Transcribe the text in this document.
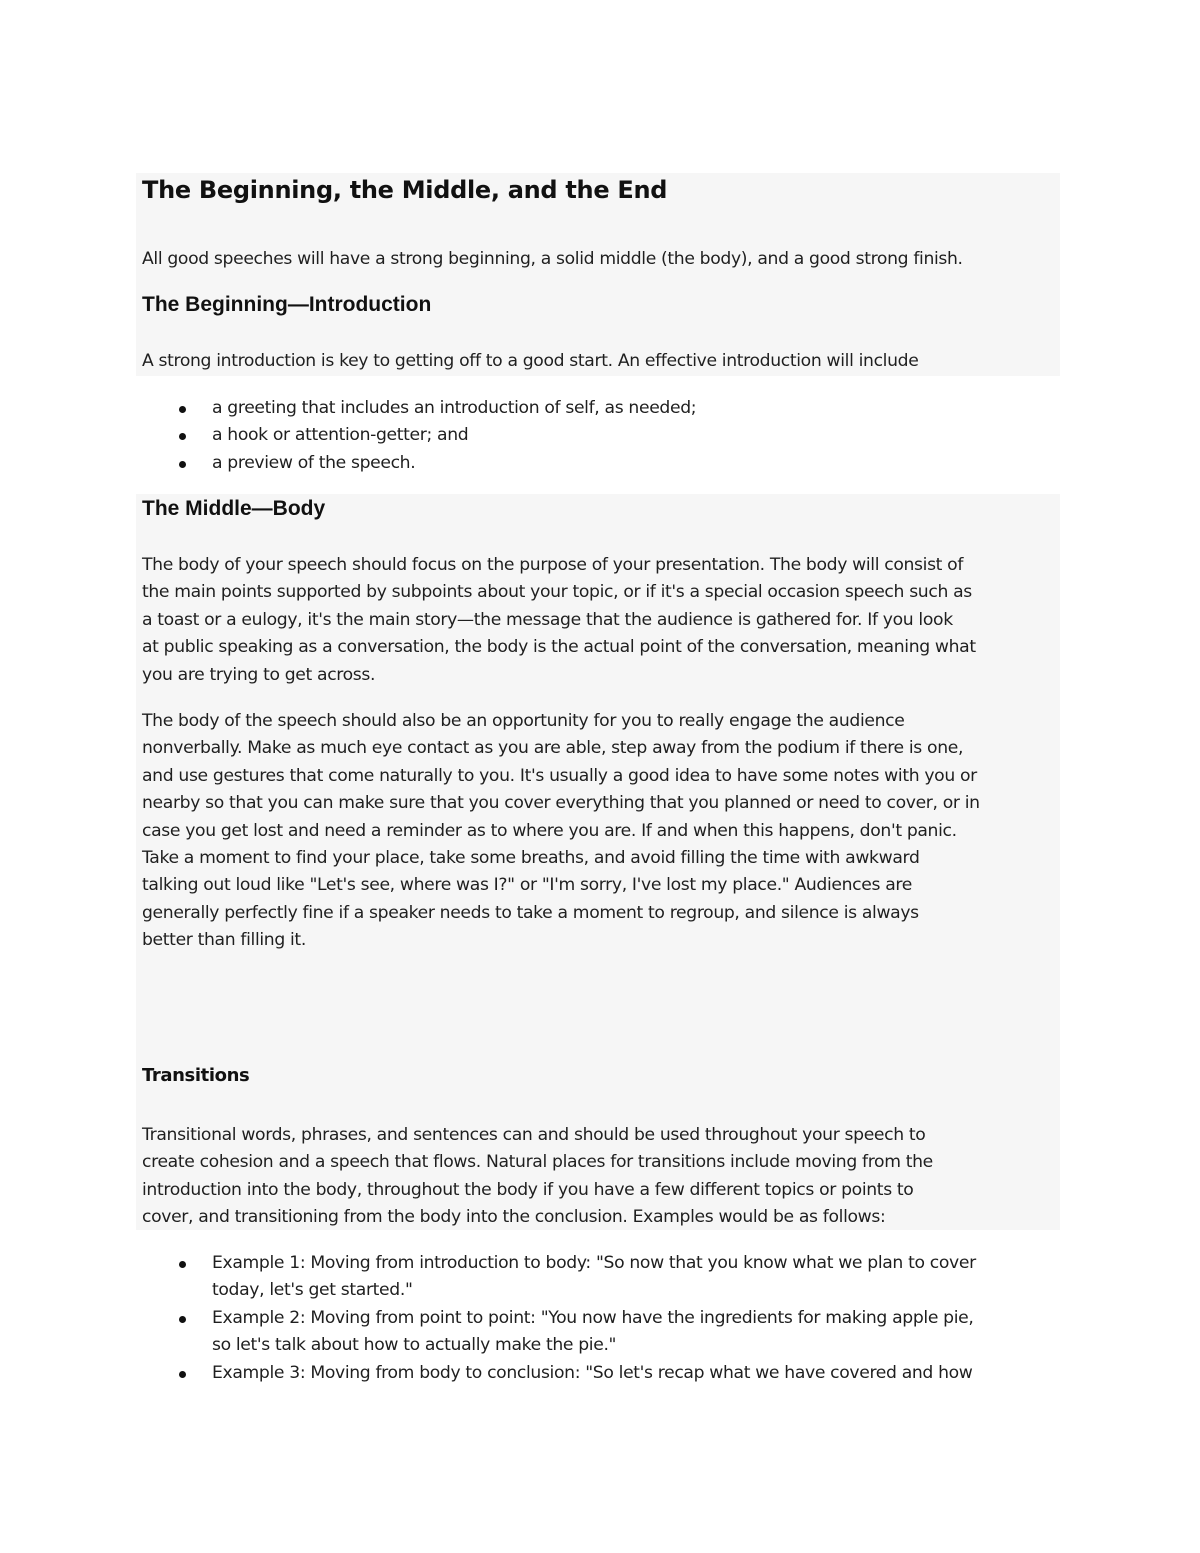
The Beginning, the Middle, and the End

All good speeches will have a strong beginning, a solid middle (the body), and a good strong finish.

The Beginning—Introduction

A strong introduction is key to getting off to a good start. An effective introduction will include

a greeting that includes an introduction of self, as needed;
a hook or attention-getter; and
a preview of the speech.
The Middle—Body

The body of your speech should focus on the purpose of your presentation. The body will consist of
the main points supported by subpoints about your topic, or if it's a special occasion speech such as
a toast or a eulogy, it's the main story—the message that the audience is gathered for. If you look
at public speaking as a conversation, the body is the actual point of the conversation, meaning what
you are trying to get across.

The body of the speech should also be an opportunity for you to really engage the audience
nonverbally. Make as much eye contact as you are able, step away from the podium if there is one,
and use gestures that come naturally to you. It's usually a good idea to have some notes with you or
nearby so that you can make sure that you cover everything that you planned or need to cover, or in
case you get lost and need a reminder as to where you are. If and when this happens, don't panic.
Take a moment to find your place, take some breaths, and avoid filling the time with awkward
talking out loud like "Let's see, where was I?" or "I'm sorry, I've lost my place." Audiences are
generally perfectly fine if a speaker needs to take a moment to regroup, and silence is always
better than filling it.

Transitions

Transitional words, phrases, and sentences can and should be used throughout your speech to
create cohesion and a speech that flows. Natural places for transitions include moving from the
introduction into the body, throughout the body if you have a few different topics or points to
cover, and transitioning from the body into the conclusion. Examples would be as follows:

Example 1: Moving from introduction to body: "So now that you know what we plan to cover
today, let's get started."
Example 2: Moving from point to point: "You now have the ingredients for making apple pie,
so let's talk about how to actually make the pie."
Example 3: Moving from body to conclusion: "So let's recap what we have covered and how
